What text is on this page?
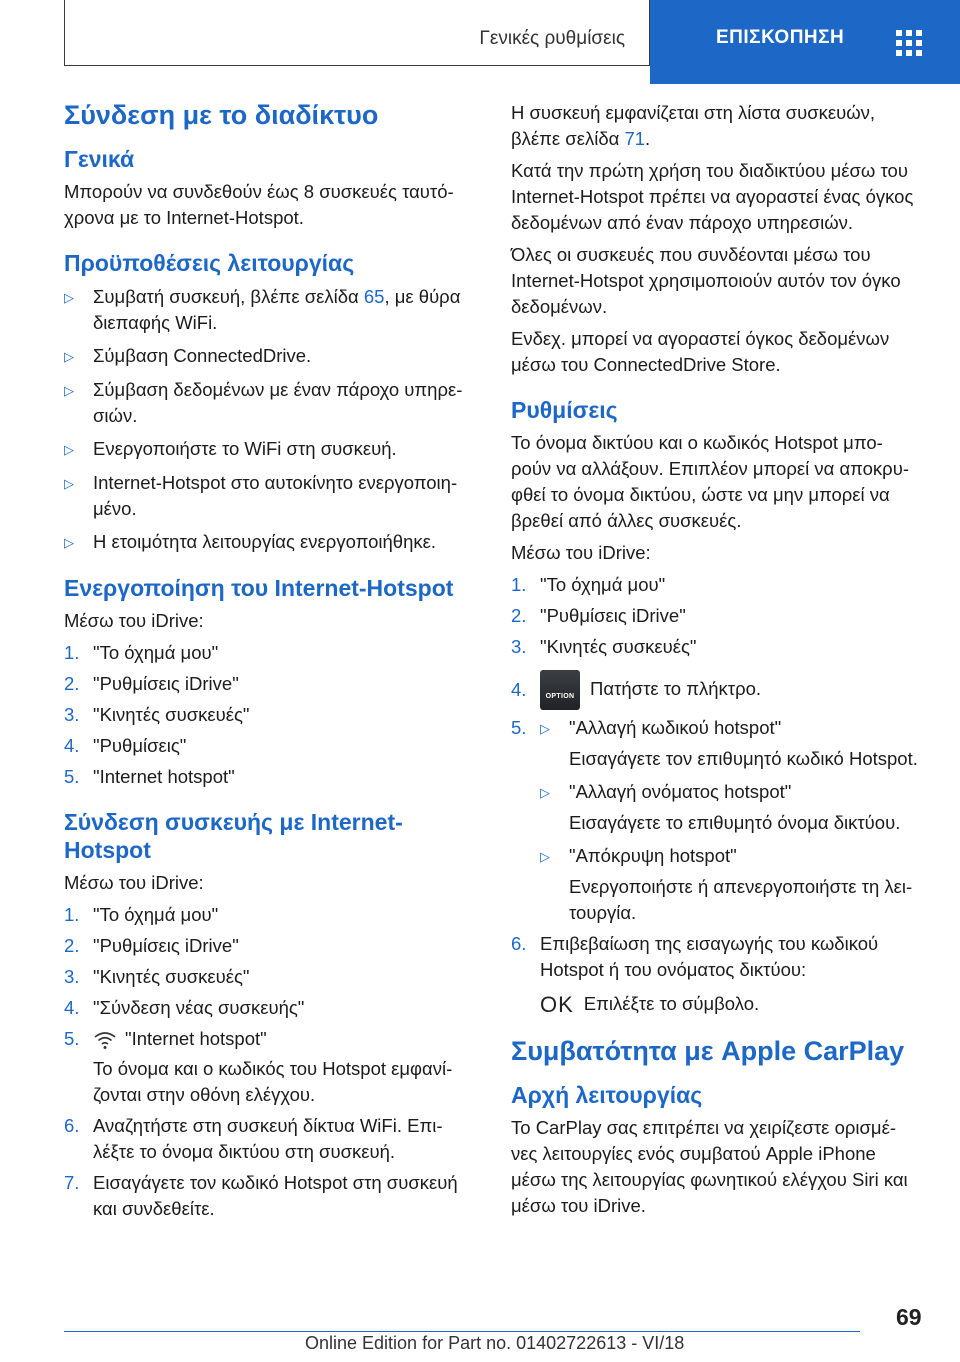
Γενικές ρυθμίσεις	ΕΠΙΣΚΟΠΗΣΗ
Σύνδεση με το διαδίκτυο
Γενικά
Μπορούν να συνδεθούν έως 8 συσκευές ταυτό-χρονα με το Internet-Hotspot.
Προϋποθέσεις λειτουργίας
▷	Συμβατή συσκευή, βλέπε σελίδα 65, με θύρα διεπαφής WiFi.
▷	Σύμβαση ConnectedDrive.
▷	Σύμβαση δεδομένων με έναν πάροχο υπηρε-σιών.
▷	Ενεργοποιήστε το WiFi στη συσκευή.
▷	Internet-Hotspot στο αυτοκίνητο ενεργοποιη-μένο.
▷	Η ετοιμότητα λειτουργίας ενεργοποιήθηκε.
Ενεργοποίηση του Internet-Hotspot
Μέσω του iDrive:
1. "Το όχημά μου"
2. "Ρυθμίσεις iDrive"
3. "Κινητές συσκευές"
4. "Ρυθμίσεις"
5. "Internet hotspot"
Σύνδεση συσκευής με Internet-Hotspot
Μέσω του iDrive:
1. "Το όχημά μου"
2. "Ρυθμίσεις iDrive"
3. "Κινητές συσκευές"
4. "Σύνδεση νέας συσκευής"
5.	"Internet hotspot"
Το όνομα και ο κωδικός του Hotspot εμφανί-ζονται στην οθόνη ελέγχου.
6. Αναζητήστε στη συσκευή δίκτυα WiFi. Επι-λέξτε το όνομα δικτύου στη συσκευή.
7. Εισαγάγετε τον κωδικό Hotspot στη συσκευή και συνδεθείτε.
Η συσκευή εμφανίζεται στη λίστα συσκευών, βλέπε σελίδα 71.
Κατά την πρώτη χρήση του διαδικτύου μέσω του Internet-Hotspot πρέπει να αγοραστεί ένας όγκος δεδομένων από έναν πάροχο υπηρεσιών.
Όλες οι συσκευές που συνδέονται μέσω του Internet-Hotspot χρησιμοποιούν αυτόν τον όγκο δεδομένων.
Ενδεχ. μπορεί να αγοραστεί όγκος δεδομένων μέσω του ConnectedDrive Store.
Ρυθμίσεις
Το όνομα δικτύου και ο κωδικός Hotspot μπο-ρούν να αλλάξουν. Επιπλέον μπορεί να αποκρυ-φθεί το όνομα δικτύου, ώστε να μην μπορεί να βρεθεί από άλλες συσκευές.
Μέσω του iDrive:
1. "Το όχημά μου"
2. "Ρυθμίσεις iDrive"
3. "Κινητές συσκευές"
4.	OPTION Πατήστε το πλήκτρο.
5.	▷	"Αλλαγή κωδικού hotspot"
Εισαγάγετε τον επιθυμητό κωδικό Hotspot.
▷	"Αλλαγή ονόματος hotspot"
Εισαγάγετε το επιθυμητό όνομα δικτύου.
▷	"Απόκρυψη hotspot"
Ενεργοποιήστε ή απενεργοποιήστε τη λει-τουργία.
6. Επιβεβαίωση της εισαγωγής του κωδικού Hotspot ή του ονόματος δικτύου:
OK Επιλέξτε το σύμβολο.
Συμβατότητα με Apple CarPlay
Αρχή λειτουργίας
Το CarPlay σας επιτρέπει να χειρίζεστε ορισμέ-νες λειτουργίες ενός συμβατού Apple iPhone μέσω της λειτουργίας φωνητικού ελέγχου Siri και μέσω του iDrive.
69
Online Edition for Part no. 01402722613 - VI/18
